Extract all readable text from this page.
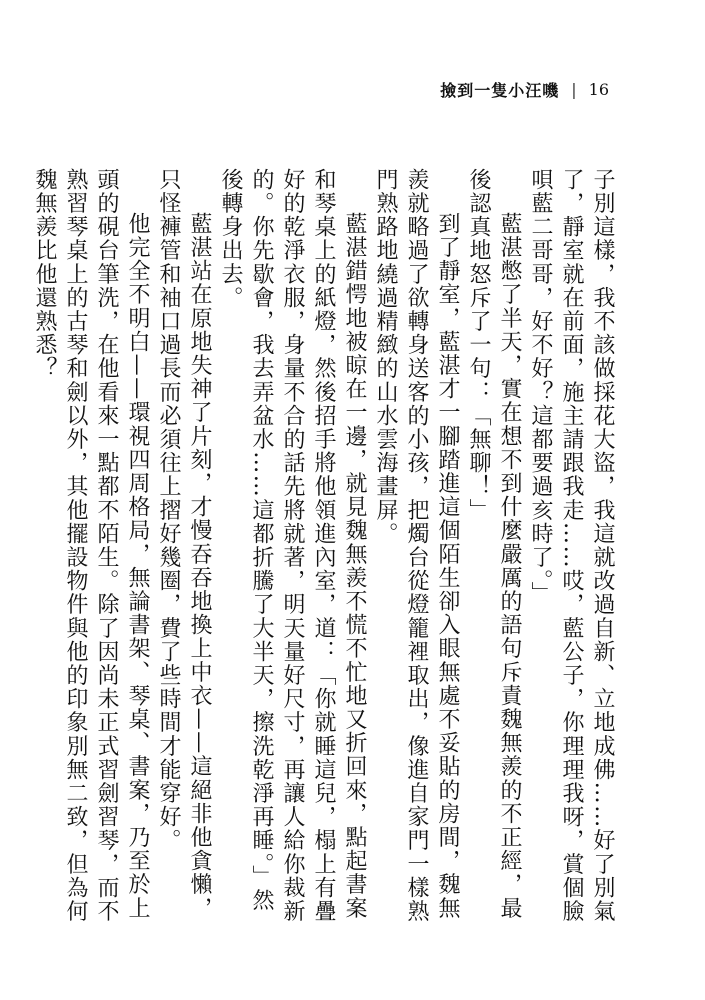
撿到一隻小汪嘰 | 16

子別這樣，我不該做採花大盜，我這就改過自新、立地成佛……好了別氣了，靜室就在前面，施主請跟我走……哎，藍公子，你理理我呀，賞個臉唄藍二哥哥，好不好？這都要過亥時了。」

藍湛憋了半天，實在想不到什麼嚴厲的語句斥責魏無羨的不正經，最後認真地怒斥了一句：「無聊！」

到了靜室，藍湛才一腳踏進這個陌生卻入眼無處不妥貼的房間，魏無羨就略過了欲轉身送客的小孩，把燭台從燈籠裡取出，像進自家門一樣熟門熟路地繞過精緻的山水雲海畫屏。

藍湛錯愕地被晾在一邊，就見魏無羨不慌不忙地又折回來，點起書案和琴桌上的紙燈，然後招手將他領進內室，道：「你就睡這兒，榻上有疊好的乾淨衣服，身量不合的話先將就著，明天量好尺寸，再讓人給你裁新的。你先歇會，我去弄盆水……這都折騰了大半天，擦洗乾淨再睡。」然後轉身出去。

藍湛站在原地失神了片刻，才慢吞吞地換上中衣——這絕非他貪懶，只怪褲管和袖口過長而必須往上摺好幾圈，費了些時間才能穿好。

他完全不明白——環視四周格局，無論書架、琴桌、書案，乃至於上頭的硯台筆洗，在他看來一點都不陌生。除了因尚未正式習劍習琴，而不熟習琴桌上的古琴和劍以外，其他擺設物件與他的印象別無二致，但為何魏無羨比他還熟悉？
